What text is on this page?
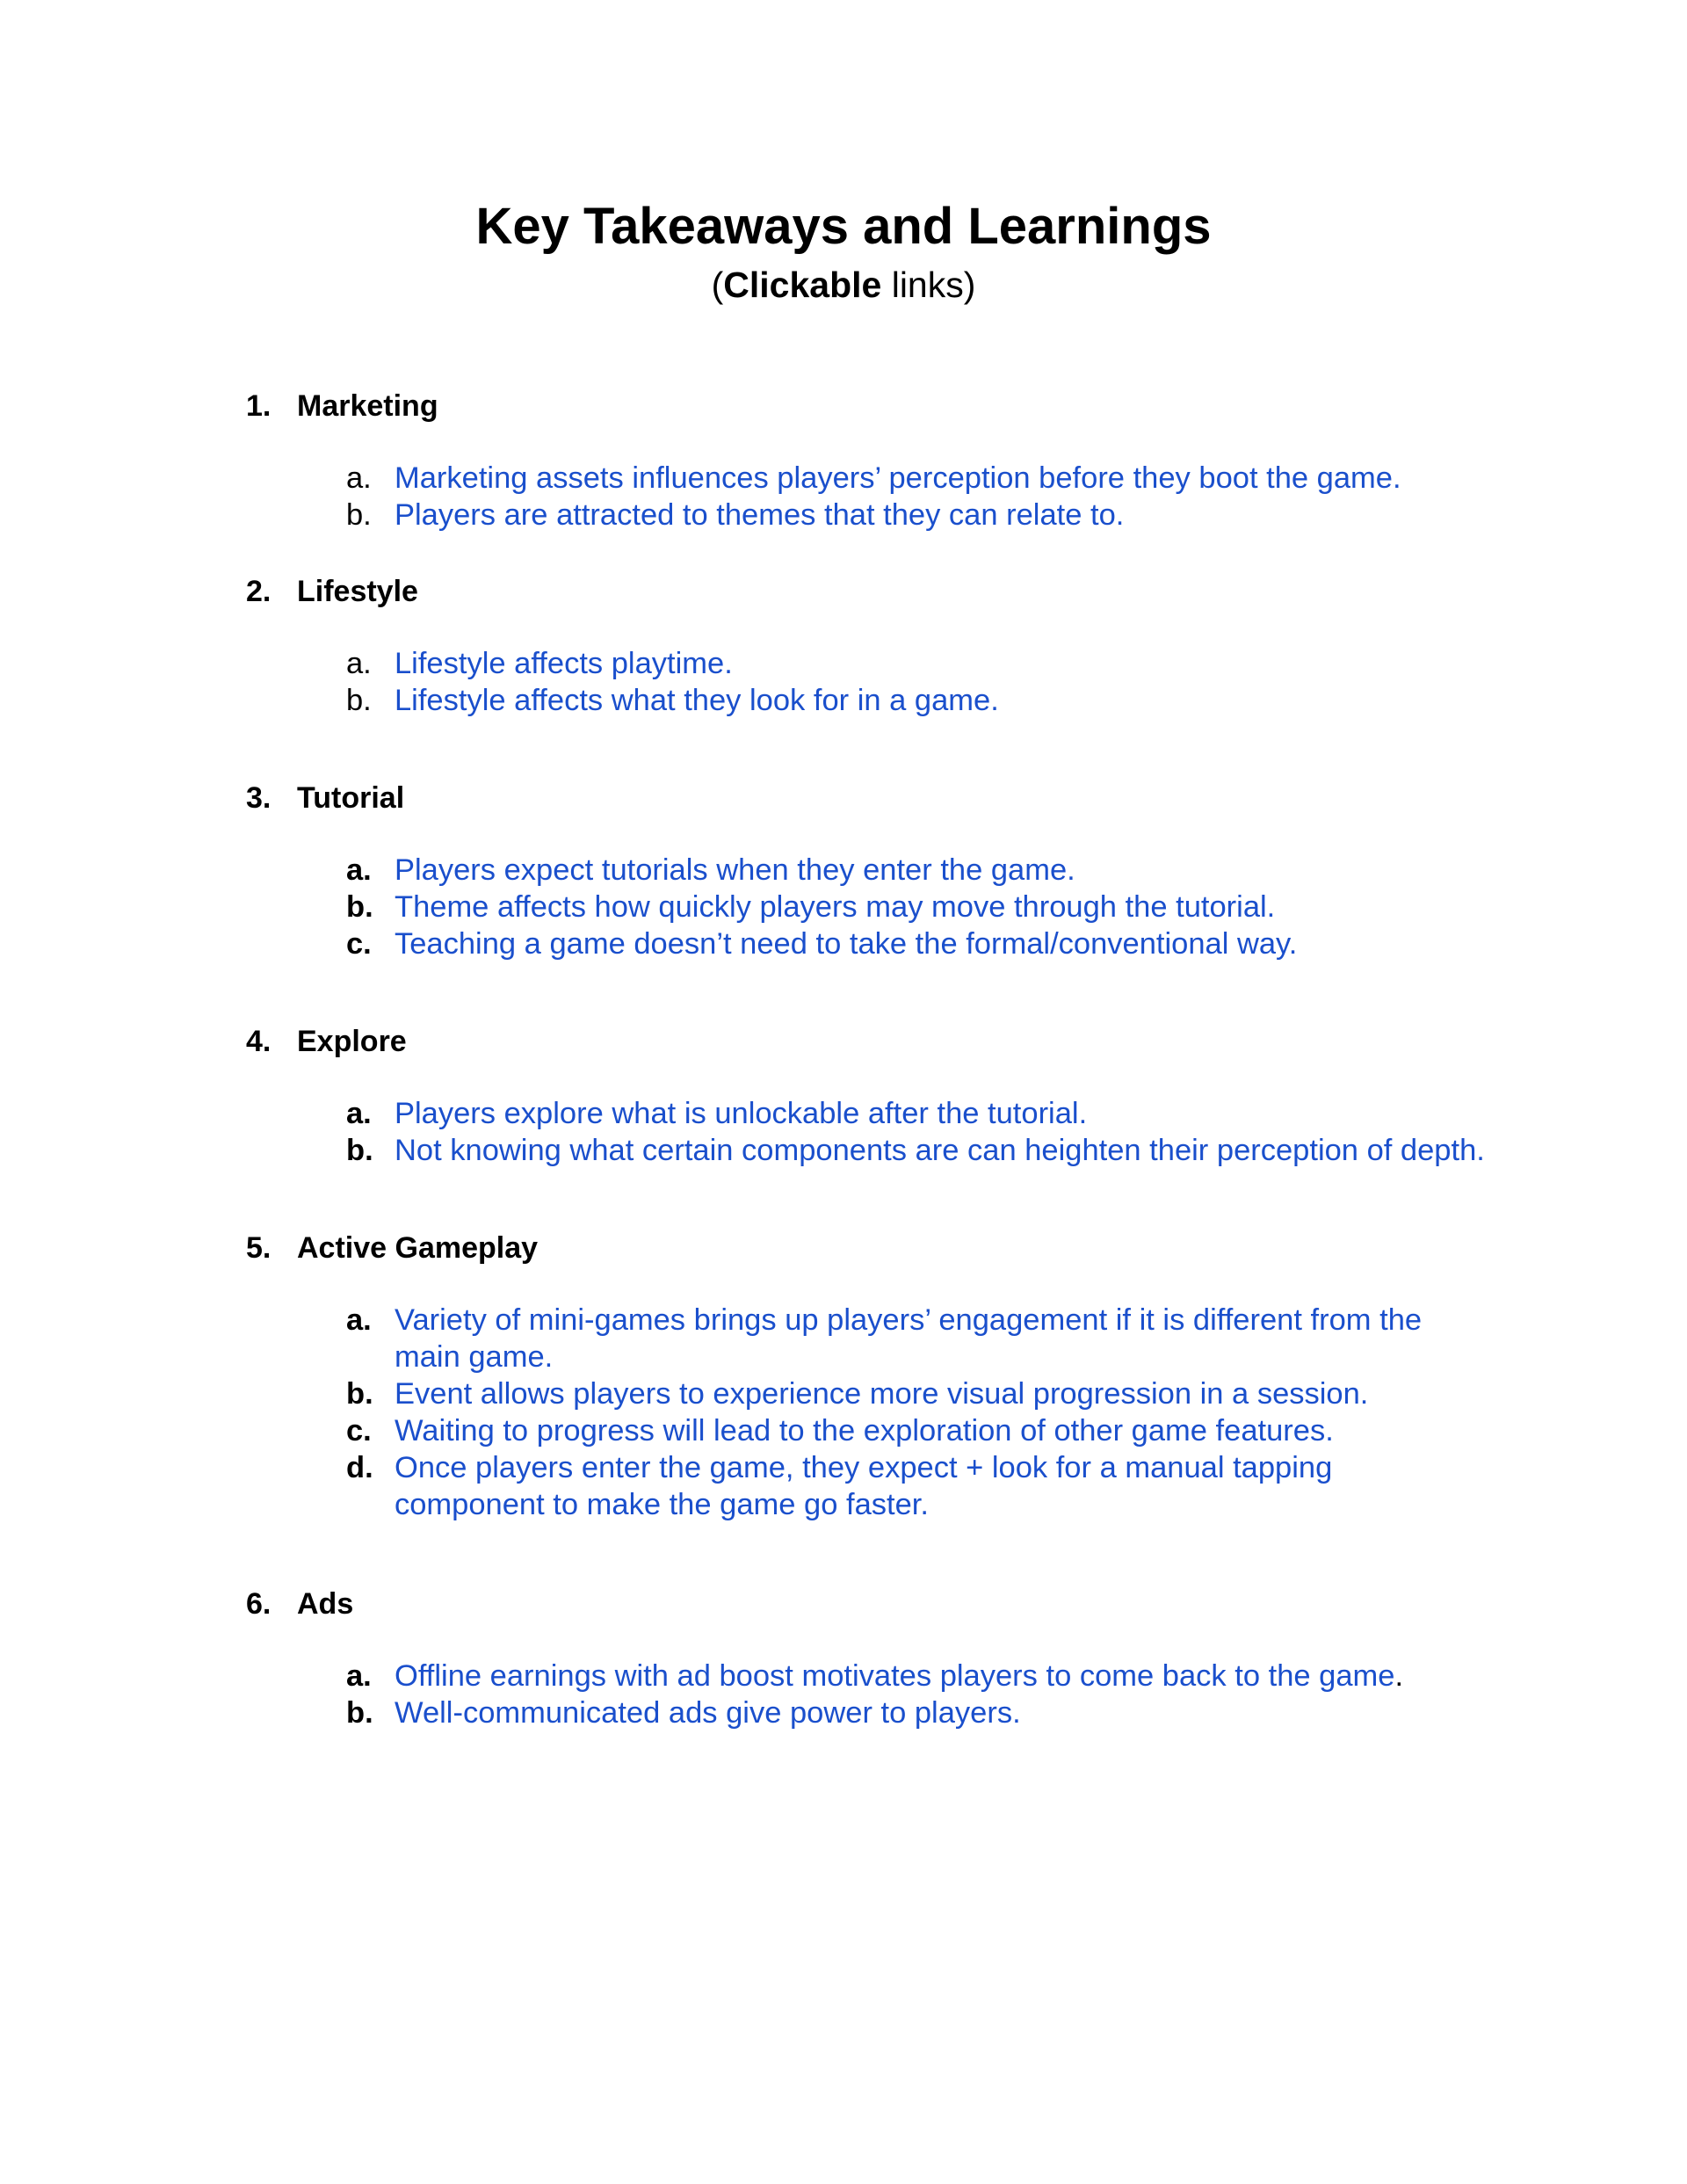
Key Takeaways and Learnings

(Clickable links)

1. Marketing
a. Marketing assets influences players’ perception before they boot the game.
b. Players are attracted to themes that they can relate to.
2. Lifestyle
a. Lifestyle affects playtime.
b. Lifestyle affects what they look for in a game.
3. Tutorial
a. Players expect tutorials when they enter the game.
b. Theme affects how quickly players may move through the tutorial.
c. Teaching a game doesn’t need to take the formal/conventional way.
4. Explore
a. Players explore what is unlockable after the tutorial.
b. Not knowing what certain components are can heighten their perception of depth.
5. Active Gameplay
a. Variety of mini-games brings up players’ engagement if it is different from the main game.
b. Event allows players to experience more visual progression in a session.
c. Waiting to progress will lead to the exploration of other game features.
d. Once players enter the game, they expect + look for a manual tapping component to make the game go faster.
6. Ads
a. Offline earnings with ad boost motivates players to come back to the game.
b. Well-communicated ads give power to players.
